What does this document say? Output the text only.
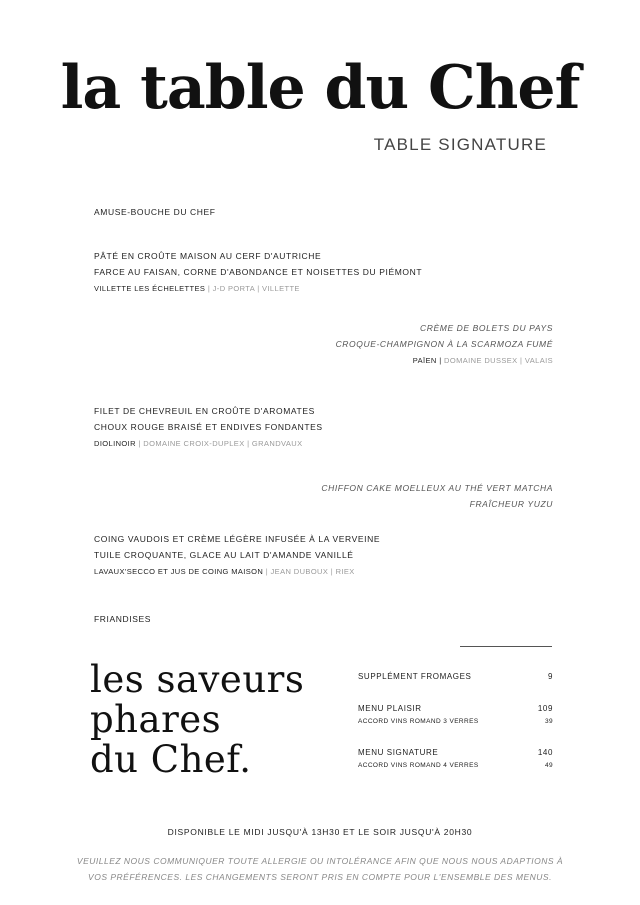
la table du Chef
TABLE SIGNATURE
AMUSE-BOUCHE DU CHEF
PÂTÉ EN CROÛTE MAISON AU CERF D'AUTRICHE
FARCE AU FAISAN, CORNE D'ABONDANCE ET NOISETTES DU PIÉMONT
VILLETTE LES ÉCHELETTES | J-D PORTA | VILLETTE
CRÈME DE BOLETS DU PAYS
CROQUE-CHAMPIGNON À LA SCARMOZA FUMÉ
PAÏEN | DOMAINE DUSSEX | VALAIS
FILET DE CHEVREUIL EN CROÛTE D'AROMATES
CHOUX ROUGE BRAISÉ ET ENDIVES FONDANTES
DIOLINOIR | DOMAINE CROIX-DUPLEX | GRANDVAUX
CHIFFON CAKE MOELLEUX AU THÉ VERT MATCHA
FRAÎCHEUR YUZU
COING VAUDOIS ET CRÈME LÉGÈRE INFUSÉE À LA VERVEINE
TUILE CROQUANTE, GLACE AU LAIT D'AMANDE VANILLÉ
LAVAUX'SECCO ET JUS DE COING MAISON | JEAN DUBOUX | RIEX
FRIANDISES
les saveurs
phares
du Chef.
SUPPLÉMENT FROMAGES	9
MENU PLAISIR	109
ACCORD VINS ROMAND 3 VERRES	39
MENU SIGNATURE	140
ACCORD VINS ROMAND 4 VERRES	49
DISPONIBLE LE MIDI JUSQU'À 13H30 ET LE SOIR JUSQU'À 20H30
VEUILLEZ NOUS COMMUNIQUER TOUTE ALLERGIE OU INTOLÉRANCE AFIN QUE NOUS NOUS ADAPTIONS À
VOS PRÉFÉRENCES. LES CHANGEMENTS SERONT PRIS EN COMPTE POUR L'ENSEMBLE DES MENUS.
